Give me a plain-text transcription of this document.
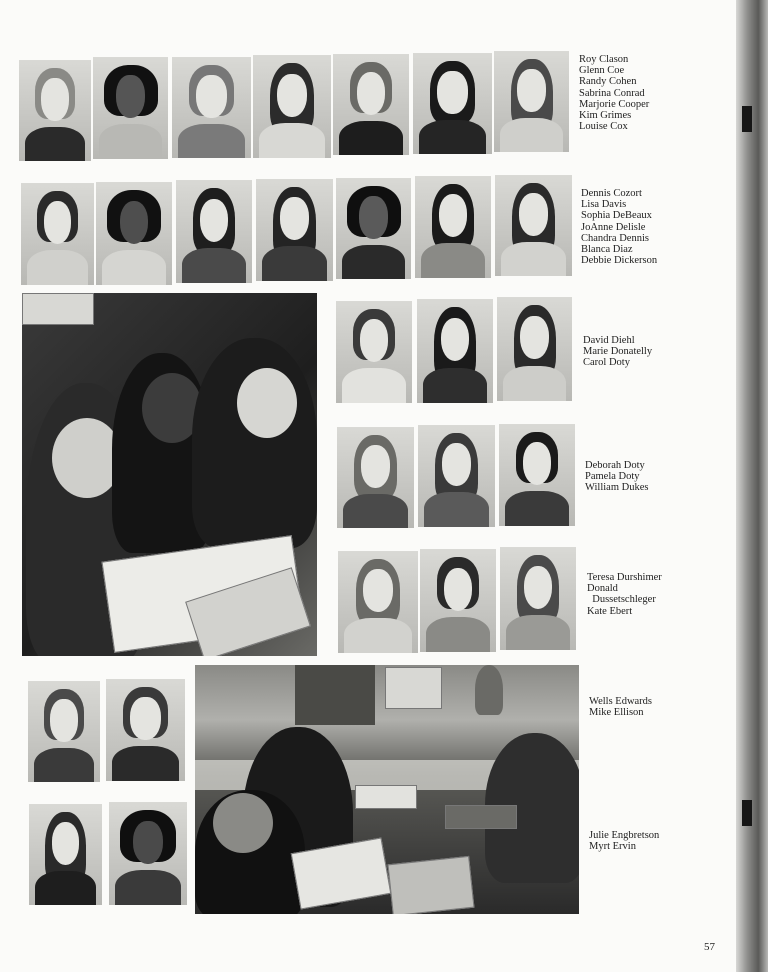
Roy Clason
Glenn Coe
Randy Cohen
Sabrina Conrad
Marjorie Cooper
Kim Grimes
Louise Cox
Dennis Cozort
Lisa Davis
Sophia DeBeaux
JoAnne Delisle
Chandra Dennis
Blanca Diaz
Debbie Dickerson
David Diehl
Marie Donatelly
Carol Doty
Deborah Doty
Pamela Doty
William Dukes
Teresa Durshimer
Donald
Dussetschleger
Kate Ebert
Wells Edwards
Mike Ellison
Julie Engbretson
Myrt Ervin
57
